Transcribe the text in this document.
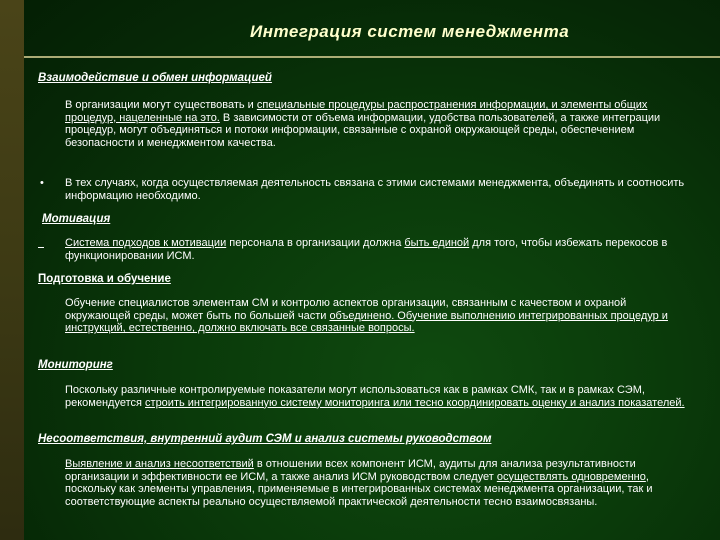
Интеграция систем менеджмента
Взаимодействие и обмен информацией
В организации могут существовать и специальные процедуры распространения информации, и элементы общих процедур, нацеленные на это. В зависимости от объема информации, удобства пользователей, а также интеграции процедур, могут объединяться и потоки информации, связанные с охраной окружающей среды, обеспечением безопасности и менеджментом качества.
• В тех случаях, когда осуществляемая деятельность связана с этими системами менеджмента, объединять и соотносить информацию необходимо.
Мотивация
Система подходов к мотивации персонала в организации должна быть единой для того, чтобы избежать перекосов в функционировании ИСМ.
Подготовка и обучение
Обучение специалистов элементам СМ и контролю аспектов организации, связанным с качеством и охраной окружающей среды, может быть по большей части объединено. Обучение выполнению интегрированных процедур и инструкций, естественно, должно включать все связанные вопросы.
Мониторинг
Поскольку различные контролируемые показатели могут использоваться как в рамках СМК, так и в рамках СЭМ, рекомендуется строить интегрированную систему мониторинга или тесно координировать оценку и анализ показателей.
Несоответствия, внутренний аудит СЭМ и анализ системы руководством
Выявление и анализ несоответствий в отношении всех компонент ИСМ, аудиты для анализа результативности организации и эффективности ее ИСМ, а также анализ ИСМ руководством следует осуществлять одновременно, поскольку как элементы управления, применяемые в интегрированных системах менеджмента организации, так и соответствующие аспекты реально осуществляемой практической деятельности тесно взаимосвязаны.
